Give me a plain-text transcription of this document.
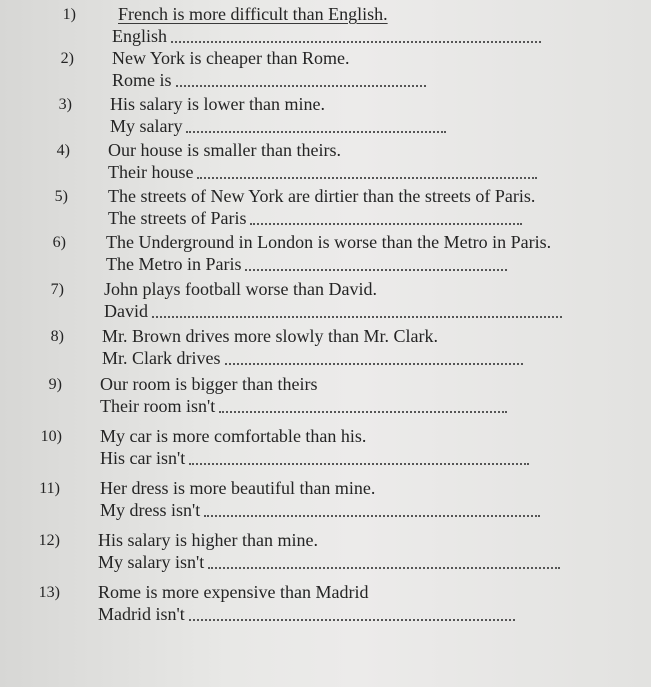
1) French is more difficult than English.
English
2) New York is cheaper than Rome.
Rome is
3) His salary is lower than mine.
My salary
4) Our house is smaller than theirs.
Their house
5) The streets of New York are dirtier than the streets of Paris.
The streets of Paris
6) The Underground in London is worse than the Metro in Paris.
The Metro in Paris
7) John plays football worse than David.
David
8) Mr. Brown drives more slowly than Mr. Clark.
Mr. Clark drives
9) Our room is bigger than theirs
Their room isn't
10) My car is more comfortable than his.
His car isn't
11) Her dress is more beautiful than mine.
My dress isn't
12) His salary is higher than mine.
My salary isn't
13) Rome is more expensive than Madrid
Madrid isn't
